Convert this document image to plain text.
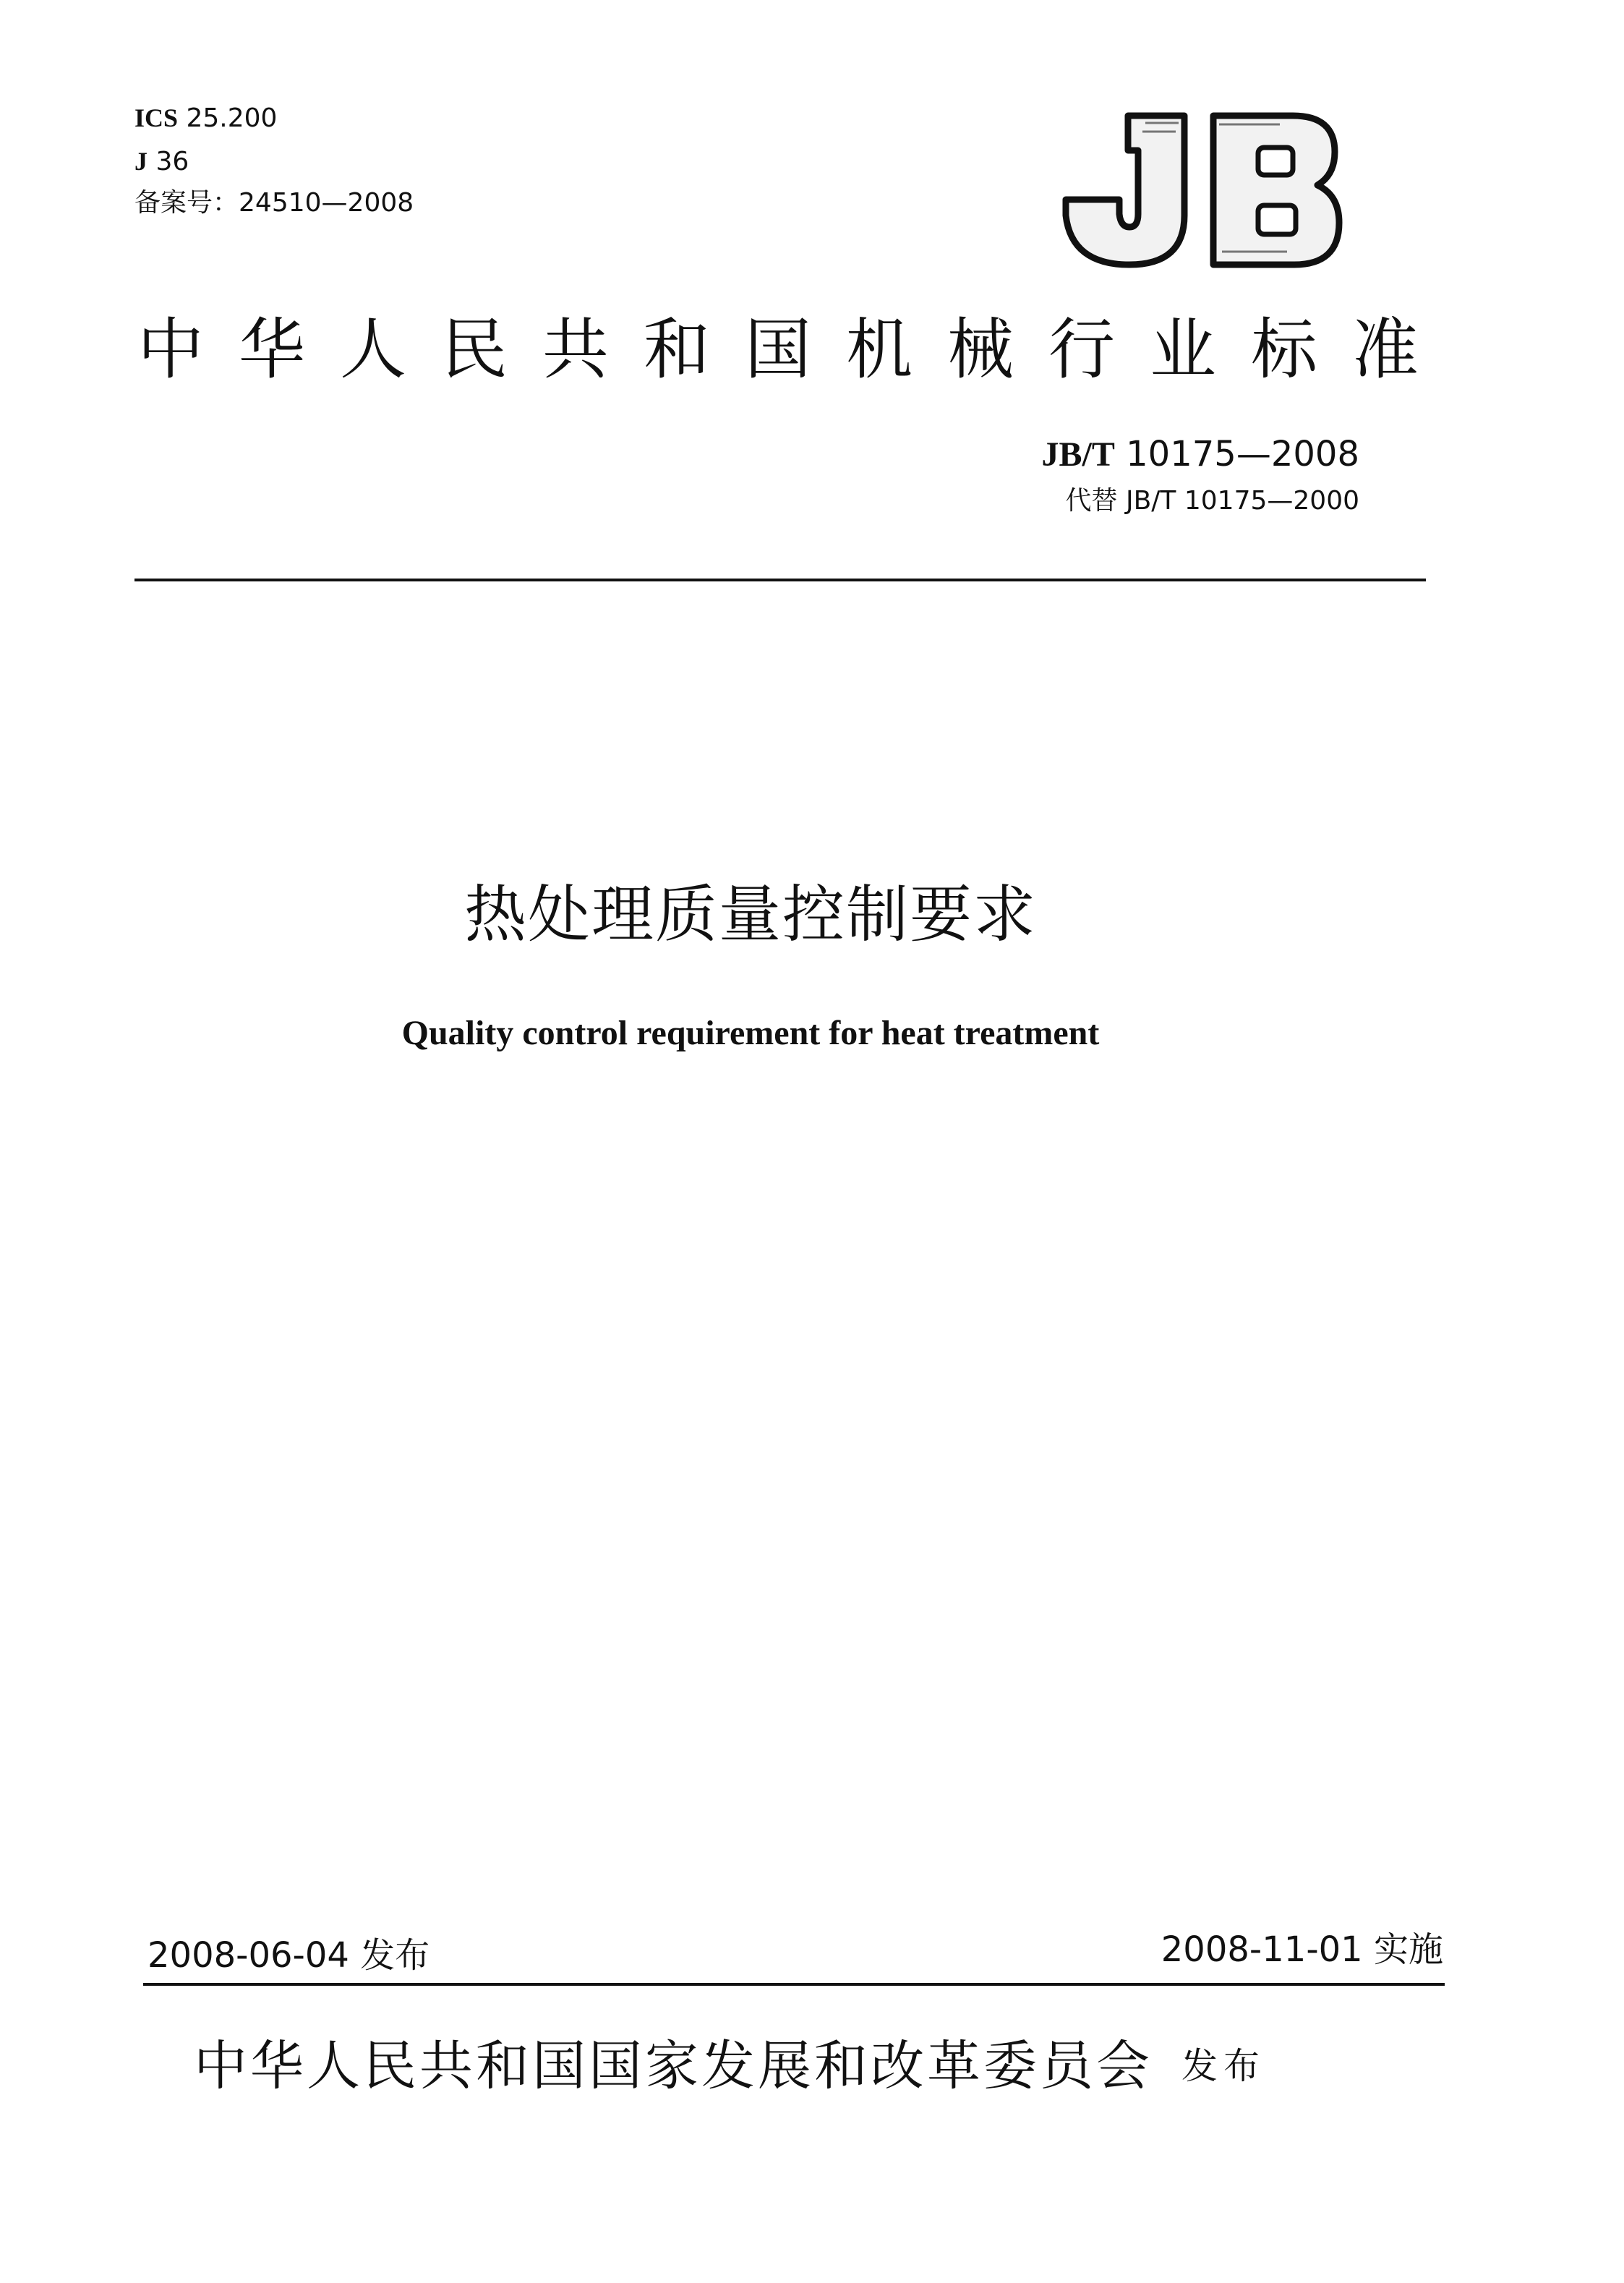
ICS 25.200
J 36
备案号：24510—2008
中华人民共和国机械行业标准
JB/T 10175—2008
代替 JB/T 10175—2000
热处理质量控制要求
Quality control requirement for heat treatment
2008-06-04 发布	2008-11-01 实施
中华人民共和国国家发展和改革委员会 发布
